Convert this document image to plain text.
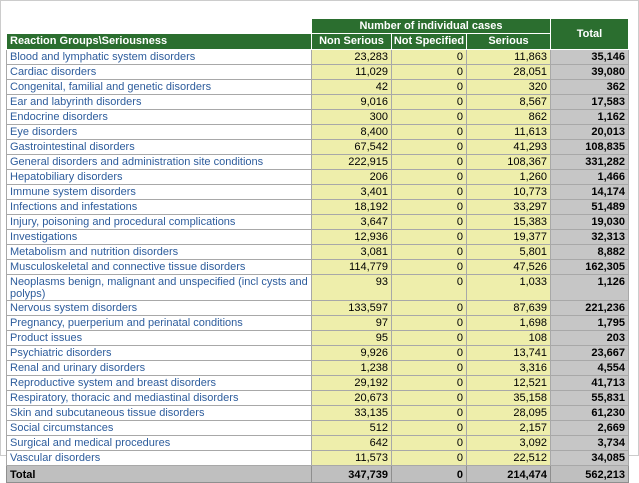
	Number of individual cases			Total
Reaction Groups\Seriousness	Non Serious	Not Specified	Serious	
Blood and lymphatic system disorders	23,283	0	11,863	35,146
Cardiac disorders	11,029	0	28,051	39,080
Congenital, familial and genetic disorders	42	0	320	362
Ear and labyrinth disorders	9,016	0	8,567	17,583
Endocrine disorders	300	0	862	1,162
Eye disorders	8,400	0	11,613	20,013
Gastrointestinal disorders	67,542	0	41,293	108,835
General disorders and administration site conditions	222,915	0	108,367	331,282
Hepatobiliary disorders	206	0	1,260	1,466
Immune system disorders	3,401	0	10,773	14,174
Infections and infestations	18,192	0	33,297	51,489
Injury, poisoning and procedural complications	3,647	0	15,383	19,030
Investigations	12,936	0	19,377	32,313
Metabolism and nutrition disorders	3,081	0	5,801	8,882
Musculoskeletal and connective tissue disorders	114,779	0	47,526	162,305
Neoplasms benign, malignant and unspecified (incl cysts and polyps)	93	0	1,033	1,126
Nervous system disorders	133,597	0	87,639	221,236
Pregnancy, puerperium and perinatal conditions	97	0	1,698	1,795
Product issues	95	0	108	203
Psychiatric disorders	9,926	0	13,741	23,667
Renal and urinary disorders	1,238	0	3,316	4,554
Reproductive system and breast disorders	29,192	0	12,521	41,713
Respiratory, thoracic and mediastinal disorders	20,673	0	35,158	55,831
Skin and subcutaneous tissue disorders	33,135	0	28,095	61,230
Social circumstances	512	0	2,157	2,669
Surgical and medical procedures	642	0	3,092	3,734
Vascular disorders	11,573	0	22,512	34,085
Total	347,739	0	214,474	562,213
